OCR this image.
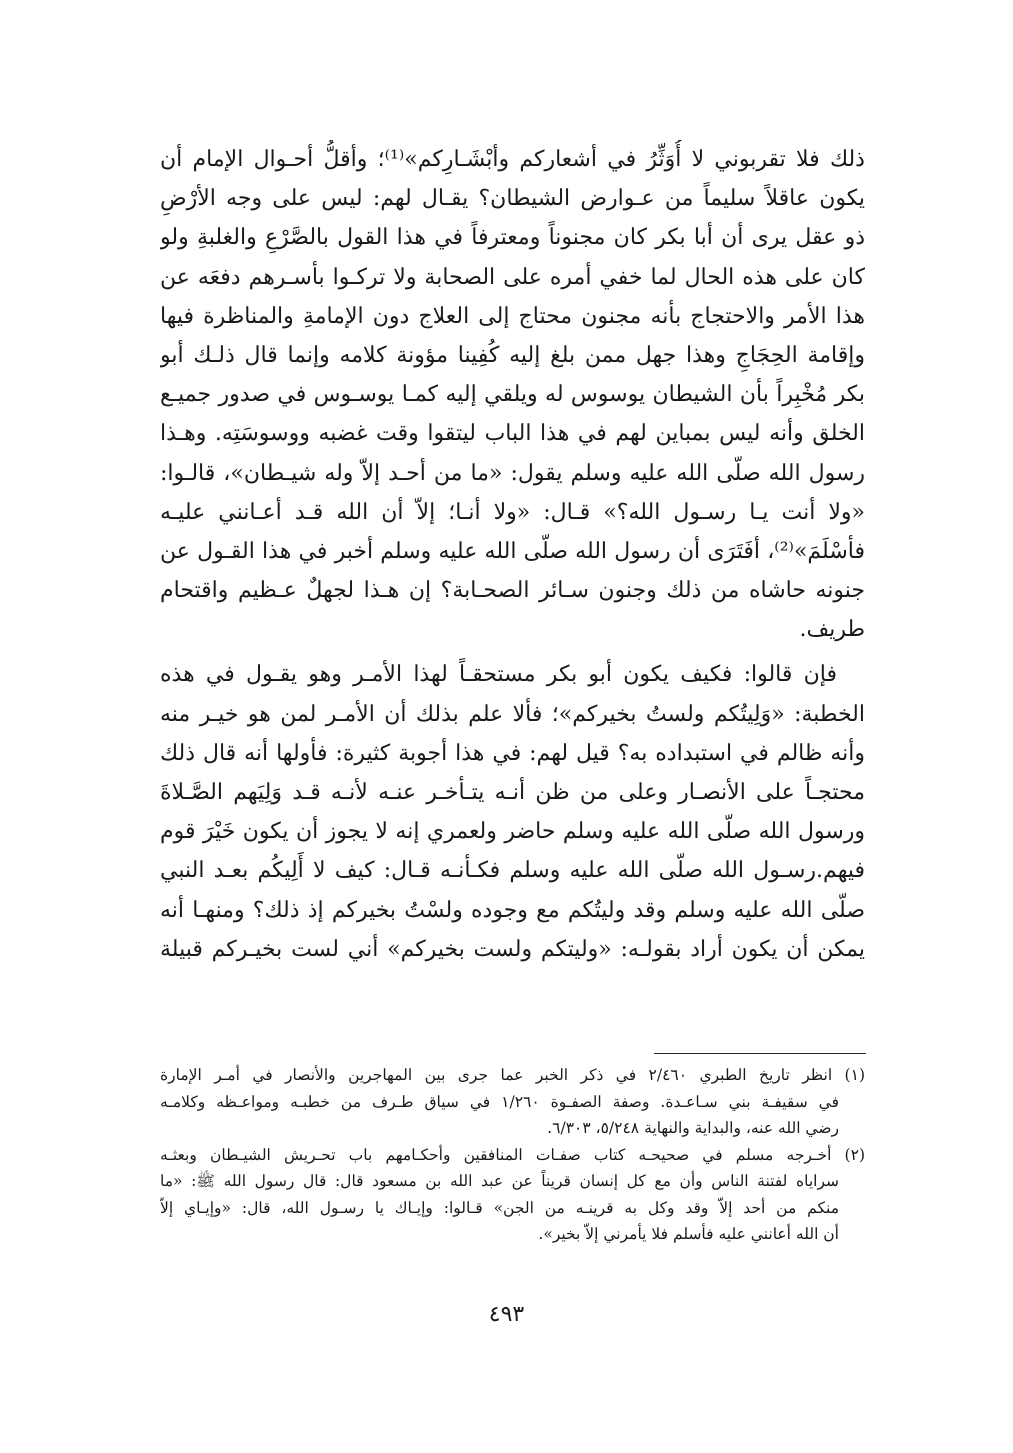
ذلك فلا تقربوني لا أُوَثِّرُ في أشعاركم وأبْشَـارِكم»⁽¹⁾؛ وأقلُّ أحـوال الإمام أن
يكون عاقلاً سليماً من عـوارض الشيطان؟ يقـال لهم: ليس على وجه الأرْضِ
ذو عقل يرى أن أبا بكر كان مجنوناً ومعترفاً في هذا القول بالصَّرْعِ والغلبةِ ولو
كان على هذه الحال لما خفي أمره على الصحابة ولا تركـوا بأسـرهم دفعَه عن
هذا الأمر والاحتجاج بأنه مجنون محتاج إلى العلاج دون الإمامةِ والمناظرة فيها
وإقامة الحِجَاجِ وهذا جهل ممن بلغ إليه كُفِينا مؤونة كلامه وإنما قال ذلـك أبو
بكر مُخْبِراً بأن الشيطان يوسوس له ويلقي إليه كمـا يوسـوس في صدور جميـع
الخلق وأنه ليس بمباين لهم في هذا الباب ليتقوا وقت غضبه ووسوسَتِه. وهـذا
رسول الله صلّى الله عليه وسلم يقول: «ما من أحـد إلاّ وله شيـطان»، قالـوا:
«ولا أنت يـا رسـول الله؟» قـال: «ولا أنـا؛ إلاّ أن الله قـد أعـانني عليـه
فأسْلَمَ»⁽²⁾، أفَتَرَى أن رسول الله صلّى الله عليه وسلم أخبر في هذا القـول عن
جنونه حاشاه من ذلك وجنون سـائر الصحـابة؟ إن هـذا لجهلٌ عـظيم واقتحام
طريف.
فإن قالوا: فكيف يكون أبو بكر مستحقـاً لهذا الأمـر وهو يقـول في هذه
الخطبة: «وَلِيتُكم ولستُ بخيركم»؛ فألا علم بذلك أن الأمـر لمن هو خيـر منه
وأنه ظالم في استبداده به؟ قيل لهم: في هذا أجوبة كثيرة: فأولها أنه قال ذلك
محتجـاً على الأنصـار وعلى من ظن أنـه يتـأخـر عنـه لأنـه قـد وَلِيَهم الصَّـلاةَ
ورسول الله صلّى الله عليه وسلم حاضر ولعمري إنه لا يجوز أن يكون خَيْرَ قوم
فيهم.رسـول الله صلّى الله عليه وسلم فكـأنـه قـال: كيف لا أَلِيكُم بعـد النبي
صلّى الله عليه وسلم وقد وليتُكم مع وجوده ولسْتُ بخيركم إذ ذلك؟ ومنهـا أنه
يمكن أن يكون أراد بقولـه: «وليتكم ولست بخيركم» أني لست بخيـركم قبيلة
(١) انظر تاريخ الطبري ٢/٤٦٠ في ذكر الخبر عما جرى بين المهاجرين والأنصار في أمـر الإمارة
في سقيفـة بني سـاعـدة. وصفة الصفـوة ١/٢٦٠ في سياق طـرف من خطبـه ومواعـظه وكلامـه
رضي الله عنه، والبداية والنهاية ٥/٢٤٨، ٦/٣٠٣.
(٢) أخـرجه مسلم في صحيحـه كتاب صفـات المنافقين وأحكـامهم باب تحـريش الشيـطان وبعثـه
سراياه لفتنة الناس وأن مع كل إنسان قريناً عن عبد الله بن مسعود قال: قال رسول الله ﷺ: «ما
منكم من أحد إلاّ وقد وكل به قرينـه من الجن» قـالوا: وإيـاك يا رسـول الله، قال: «وإيـاي إلاّ
أن الله أعانني عليه فأسلم فلا يأمرني إلاّ بخير».
٤٩٣
